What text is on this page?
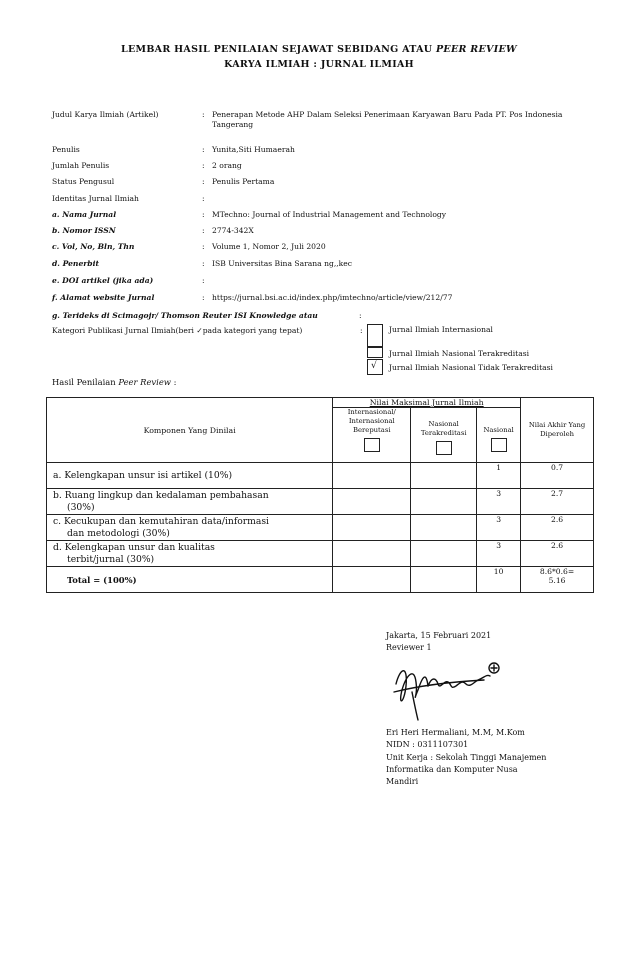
LEMBAR HASIL PENILAIAN SEJAWAT SEBIDANG ATAU PEER REVIEW
KARYA ILMIAH : JURNAL ILMIAH
Judul Karya Ilmiah (Artikel)	: Penerapan Metode AHP Dalam Seleksi Penerimaan Karyawan Baru Pada PT. Pos Indonesia Tangerang
Penulis	: Yunita,Siti Humaerah
Jumlah Penulis	: 2 orang
Status Pengusul	: Penulis Pertama
Identitas Jurnal Ilmiah	:
a. Nama Jurnal	: MTechno: Journal of Industrial Management and Technology
b. Nomor ISSN	: 2774-342X
c. Vol, No, Bln, Thn	: Volume 1, Nomor 2, Juli 2020
d. Penerbit	: ISB Universitas Bina Sarana ng,,kec
e. DOI artikel (jika ada)	:
f. Alamat website Jurnal	: https://jurnal.bsi.ac.id/index.php/imtechno/article/view/212/77
g. Terideks di Scimagojr/ Thomson Reuter ISI Knowledge atau	:
Kategori Publikasi Jurnal Ilmiah(beri ✓pada kategori yang tepat)	:
√
Jurnal Ilmiah Internasional
Jurnal Ilmiah Nasional Terakreditasi
Jurnal Ilmiah Nasional Tidak Terakreditasi
Hasil Penilaian Peer Review :
Komponen Yang Dinilai	Nilai Maksimal Jurnal Ilmiah			Nilai Akhir Yang Diperoleh

	Internasional/ Internasional Bereputasi	Nasional Terakreditasi	Nasional	

a. Kelengkapan unsur isi artikel (10%)			1	0.7

b. Ruang lingkup dan kedalaman pembahasan
(30%)			3	2.7

c. Kecukupan dan kemutahiran data/informasi
dan metodologi (30%)			3	2.6

d. Kelengkapan unsur dan kualitas
terbit/jurnal (30%)			3	2.6
Total = (100%)			10	8.6*0.6=
5.16
Jakarta, 15 Februari 2021
Reviewer 1
Eri Heri Hermaliani, M.M, M.Kom
NIDN : 0311107301
Unit Kerja : Sekolah Tinggi Manajemen
Informatika dan Komputer Nusa
Mandiri
